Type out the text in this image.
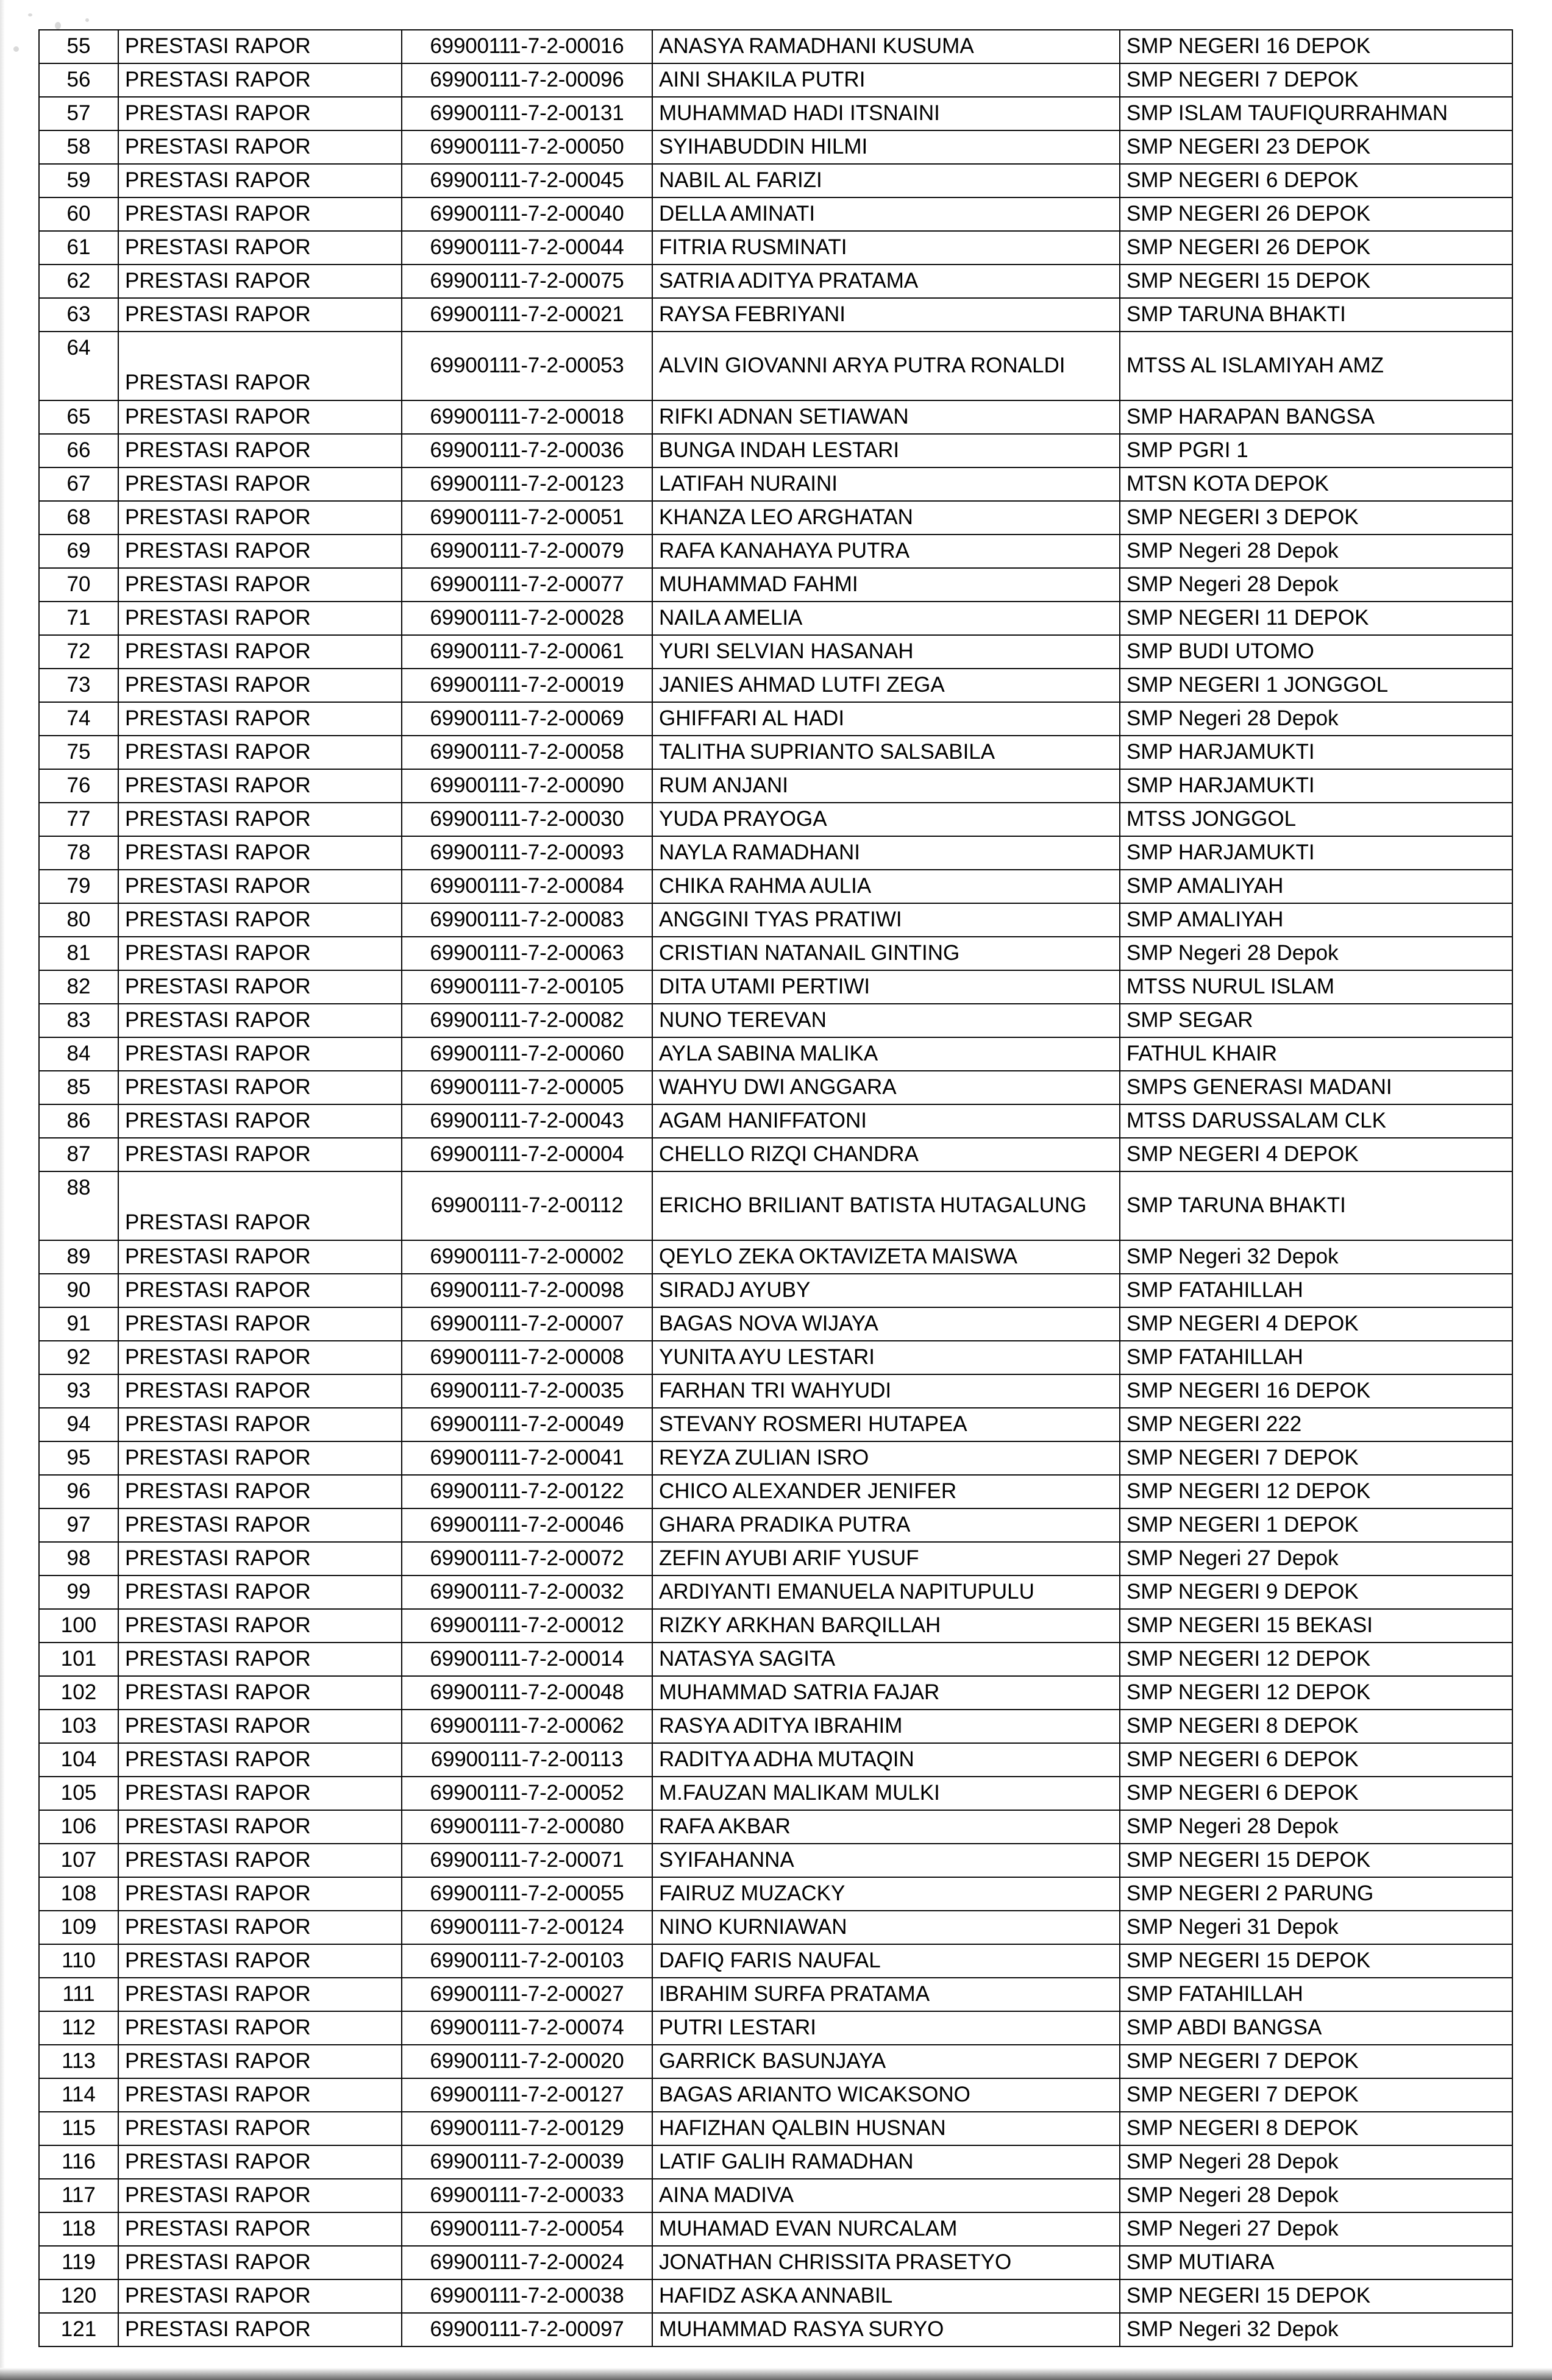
55	PRESTASI RAPOR	69900111-7-2-00016	ANASYA RAMADHANI KUSUMA	SMP NEGERI 16 DEPOK
56	PRESTASI RAPOR	69900111-7-2-00096	AINI SHAKILA PUTRI	SMP NEGERI 7 DEPOK
57	PRESTASI RAPOR	69900111-7-2-00131	MUHAMMAD HADI ITSNAINI	SMP ISLAM TAUFIQURRAHMAN
58	PRESTASI RAPOR	69900111-7-2-00050	SYIHABUDDIN HILMI	SMP NEGERI 23 DEPOK
59	PRESTASI RAPOR	69900111-7-2-00045	NABIL AL FARIZI	SMP NEGERI 6 DEPOK
60	PRESTASI RAPOR	69900111-7-2-00040	DELLA AMINATI	SMP NEGERI 26 DEPOK
61	PRESTASI RAPOR	69900111-7-2-00044	FITRIA RUSMINATI	SMP NEGERI 26 DEPOK
62	PRESTASI RAPOR	69900111-7-2-00075	SATRIA ADITYA PRATAMA	SMP NEGERI 15 DEPOK
63	PRESTASI RAPOR	69900111-7-2-00021	RAYSA FEBRIYANI	SMP TARUNA BHAKTI
64	PRESTASI RAPOR	69900111-7-2-00053	ALVIN GIOVANNI ARYA PUTRA RONALDI	MTSS AL ISLAMIYAH AMZ
65	PRESTASI RAPOR	69900111-7-2-00018	RIFKI ADNAN SETIAWAN	SMP HARAPAN BANGSA
66	PRESTASI RAPOR	69900111-7-2-00036	BUNGA INDAH LESTARI	SMP PGRI 1
67	PRESTASI RAPOR	69900111-7-2-00123	LATIFAH NURAINI	MTSN KOTA DEPOK
68	PRESTASI RAPOR	69900111-7-2-00051	KHANZA LEO ARGHATAN	SMP NEGERI 3 DEPOK
69	PRESTASI RAPOR	69900111-7-2-00079	RAFA KANAHAYA PUTRA	SMP Negeri 28 Depok
70	PRESTASI RAPOR	69900111-7-2-00077	MUHAMMAD FAHMI	SMP Negeri 28 Depok
71	PRESTASI RAPOR	69900111-7-2-00028	NAILA AMELIA	SMP NEGERI 11 DEPOK
72	PRESTASI RAPOR	69900111-7-2-00061	YURI SELVIAN HASANAH	SMP BUDI UTOMO
73	PRESTASI RAPOR	69900111-7-2-00019	JANIES AHMAD LUTFI ZEGA	SMP NEGERI 1 JONGGOL
74	PRESTASI RAPOR	69900111-7-2-00069	GHIFFARI AL HADI	SMP Negeri 28 Depok
75	PRESTASI RAPOR	69900111-7-2-00058	TALITHA SUPRIANTO SALSABILA	SMP HARJAMUKTI
76	PRESTASI RAPOR	69900111-7-2-00090	RUM ANJANI	SMP HARJAMUKTI
77	PRESTASI RAPOR	69900111-7-2-00030	YUDA PRAYOGA	MTSS JONGGOL
78	PRESTASI RAPOR	69900111-7-2-00093	NAYLA RAMADHANI	SMP HARJAMUKTI
79	PRESTASI RAPOR	69900111-7-2-00084	CHIKA RAHMA AULIA	SMP AMALIYAH
80	PRESTASI RAPOR	69900111-7-2-00083	ANGGINI TYAS PRATIWI	SMP AMALIYAH
81	PRESTASI RAPOR	69900111-7-2-00063	CRISTIAN NATANAIL GINTING	SMP Negeri 28 Depok
82	PRESTASI RAPOR	69900111-7-2-00105	DITA UTAMI PERTIWI	MTSS NURUL ISLAM
83	PRESTASI RAPOR	69900111-7-2-00082	NUNO TEREVAN	SMP SEGAR
84	PRESTASI RAPOR	69900111-7-2-00060	AYLA SABINA MALIKA	FATHUL KHAIR
85	PRESTASI RAPOR	69900111-7-2-00005	WAHYU DWI ANGGARA	SMPS GENERASI MADANI
86	PRESTASI RAPOR	69900111-7-2-00043	AGAM HANIFFATONI	MTSS DARUSSALAM CLK
87	PRESTASI RAPOR	69900111-7-2-00004	CHELLO RIZQI CHANDRA	SMP NEGERI 4 DEPOK
88	PRESTASI RAPOR	69900111-7-2-00112	ERICHO BRILIANT BATISTA HUTAGALUNG	SMP TARUNA BHAKTI
89	PRESTASI RAPOR	69900111-7-2-00002	QEYLO ZEKA OKTAVIZETA MAISWA	SMP Negeri 32 Depok
90	PRESTASI RAPOR	69900111-7-2-00098	SIRADJ AYUBY	SMP FATAHILLAH
91	PRESTASI RAPOR	69900111-7-2-00007	BAGAS NOVA WIJAYA	SMP NEGERI 4 DEPOK
92	PRESTASI RAPOR	69900111-7-2-00008	YUNITA AYU LESTARI	SMP FATAHILLAH
93	PRESTASI RAPOR	69900111-7-2-00035	FARHAN TRI WAHYUDI	SMP NEGERI 16 DEPOK
94	PRESTASI RAPOR	69900111-7-2-00049	STEVANY ROSMERI HUTAPEA	SMP NEGERI 222
95	PRESTASI RAPOR	69900111-7-2-00041	REYZA ZULIAN ISRO	SMP NEGERI 7 DEPOK
96	PRESTASI RAPOR	69900111-7-2-00122	CHICO ALEXANDER JENIFER	SMP NEGERI 12 DEPOK
97	PRESTASI RAPOR	69900111-7-2-00046	GHARA PRADIKA PUTRA	SMP NEGERI 1 DEPOK
98	PRESTASI RAPOR	69900111-7-2-00072	ZEFIN AYUBI ARIF YUSUF	SMP Negeri 27 Depok
99	PRESTASI RAPOR	69900111-7-2-00032	ARDIYANTI EMANUELA NAPITUPULU	SMP NEGERI 9 DEPOK
100	PRESTASI RAPOR	69900111-7-2-00012	RIZKY ARKHAN BARQILLAH	SMP NEGERI 15 BEKASI
101	PRESTASI RAPOR	69900111-7-2-00014	NATASYA SAGITA	SMP NEGERI 12 DEPOK
102	PRESTASI RAPOR	69900111-7-2-00048	MUHAMMAD SATRIA FAJAR	SMP NEGERI 12 DEPOK
103	PRESTASI RAPOR	69900111-7-2-00062	RASYA ADITYA IBRAHIM	SMP NEGERI 8 DEPOK
104	PRESTASI RAPOR	69900111-7-2-00113	RADITYA ADHA MUTAQIN	SMP NEGERI 6 DEPOK
105	PRESTASI RAPOR	69900111-7-2-00052	M.FAUZAN MALIKAM MULKI	SMP NEGERI 6 DEPOK
106	PRESTASI RAPOR	69900111-7-2-00080	RAFA AKBAR	SMP Negeri 28 Depok
107	PRESTASI RAPOR	69900111-7-2-00071	SYIFAHANNA	SMP NEGERI 15 DEPOK
108	PRESTASI RAPOR	69900111-7-2-00055	FAIRUZ MUZACKY	SMP NEGERI 2 PARUNG
109	PRESTASI RAPOR	69900111-7-2-00124	NINO KURNIAWAN	SMP Negeri 31 Depok
110	PRESTASI RAPOR	69900111-7-2-00103	DAFIQ FARIS NAUFAL	SMP NEGERI 15 DEPOK
111	PRESTASI RAPOR	69900111-7-2-00027	IBRAHIM SURFA PRATAMA	SMP FATAHILLAH
112	PRESTASI RAPOR	69900111-7-2-00074	PUTRI LESTARI	SMP ABDI BANGSA
113	PRESTASI RAPOR	69900111-7-2-00020	GARRICK BASUNJAYA	SMP NEGERI 7 DEPOK
114	PRESTASI RAPOR	69900111-7-2-00127	BAGAS ARIANTO WICAKSONO	SMP NEGERI 7 DEPOK
115	PRESTASI RAPOR	69900111-7-2-00129	HAFIZHAN QALBIN HUSNAN	SMP NEGERI 8 DEPOK
116	PRESTASI RAPOR	69900111-7-2-00039	LATIF GALIH RAMADHAN	SMP Negeri 28 Depok
117	PRESTASI RAPOR	69900111-7-2-00033	AINA MADIVA	SMP Negeri 28 Depok
118	PRESTASI RAPOR	69900111-7-2-00054	MUHAMAD EVAN NURCALAM	SMP Negeri 27 Depok
119	PRESTASI RAPOR	69900111-7-2-00024	JONATHAN CHRISSITA PRASETYO	SMP MUTIARA
120	PRESTASI RAPOR	69900111-7-2-00038	HAFIDZ ASKA ANNABIL	SMP NEGERI 15 DEPOK
121	PRESTASI RAPOR	69900111-7-2-00097	MUHAMMAD RASYA SURYO	SMP Negeri 32 Depok
